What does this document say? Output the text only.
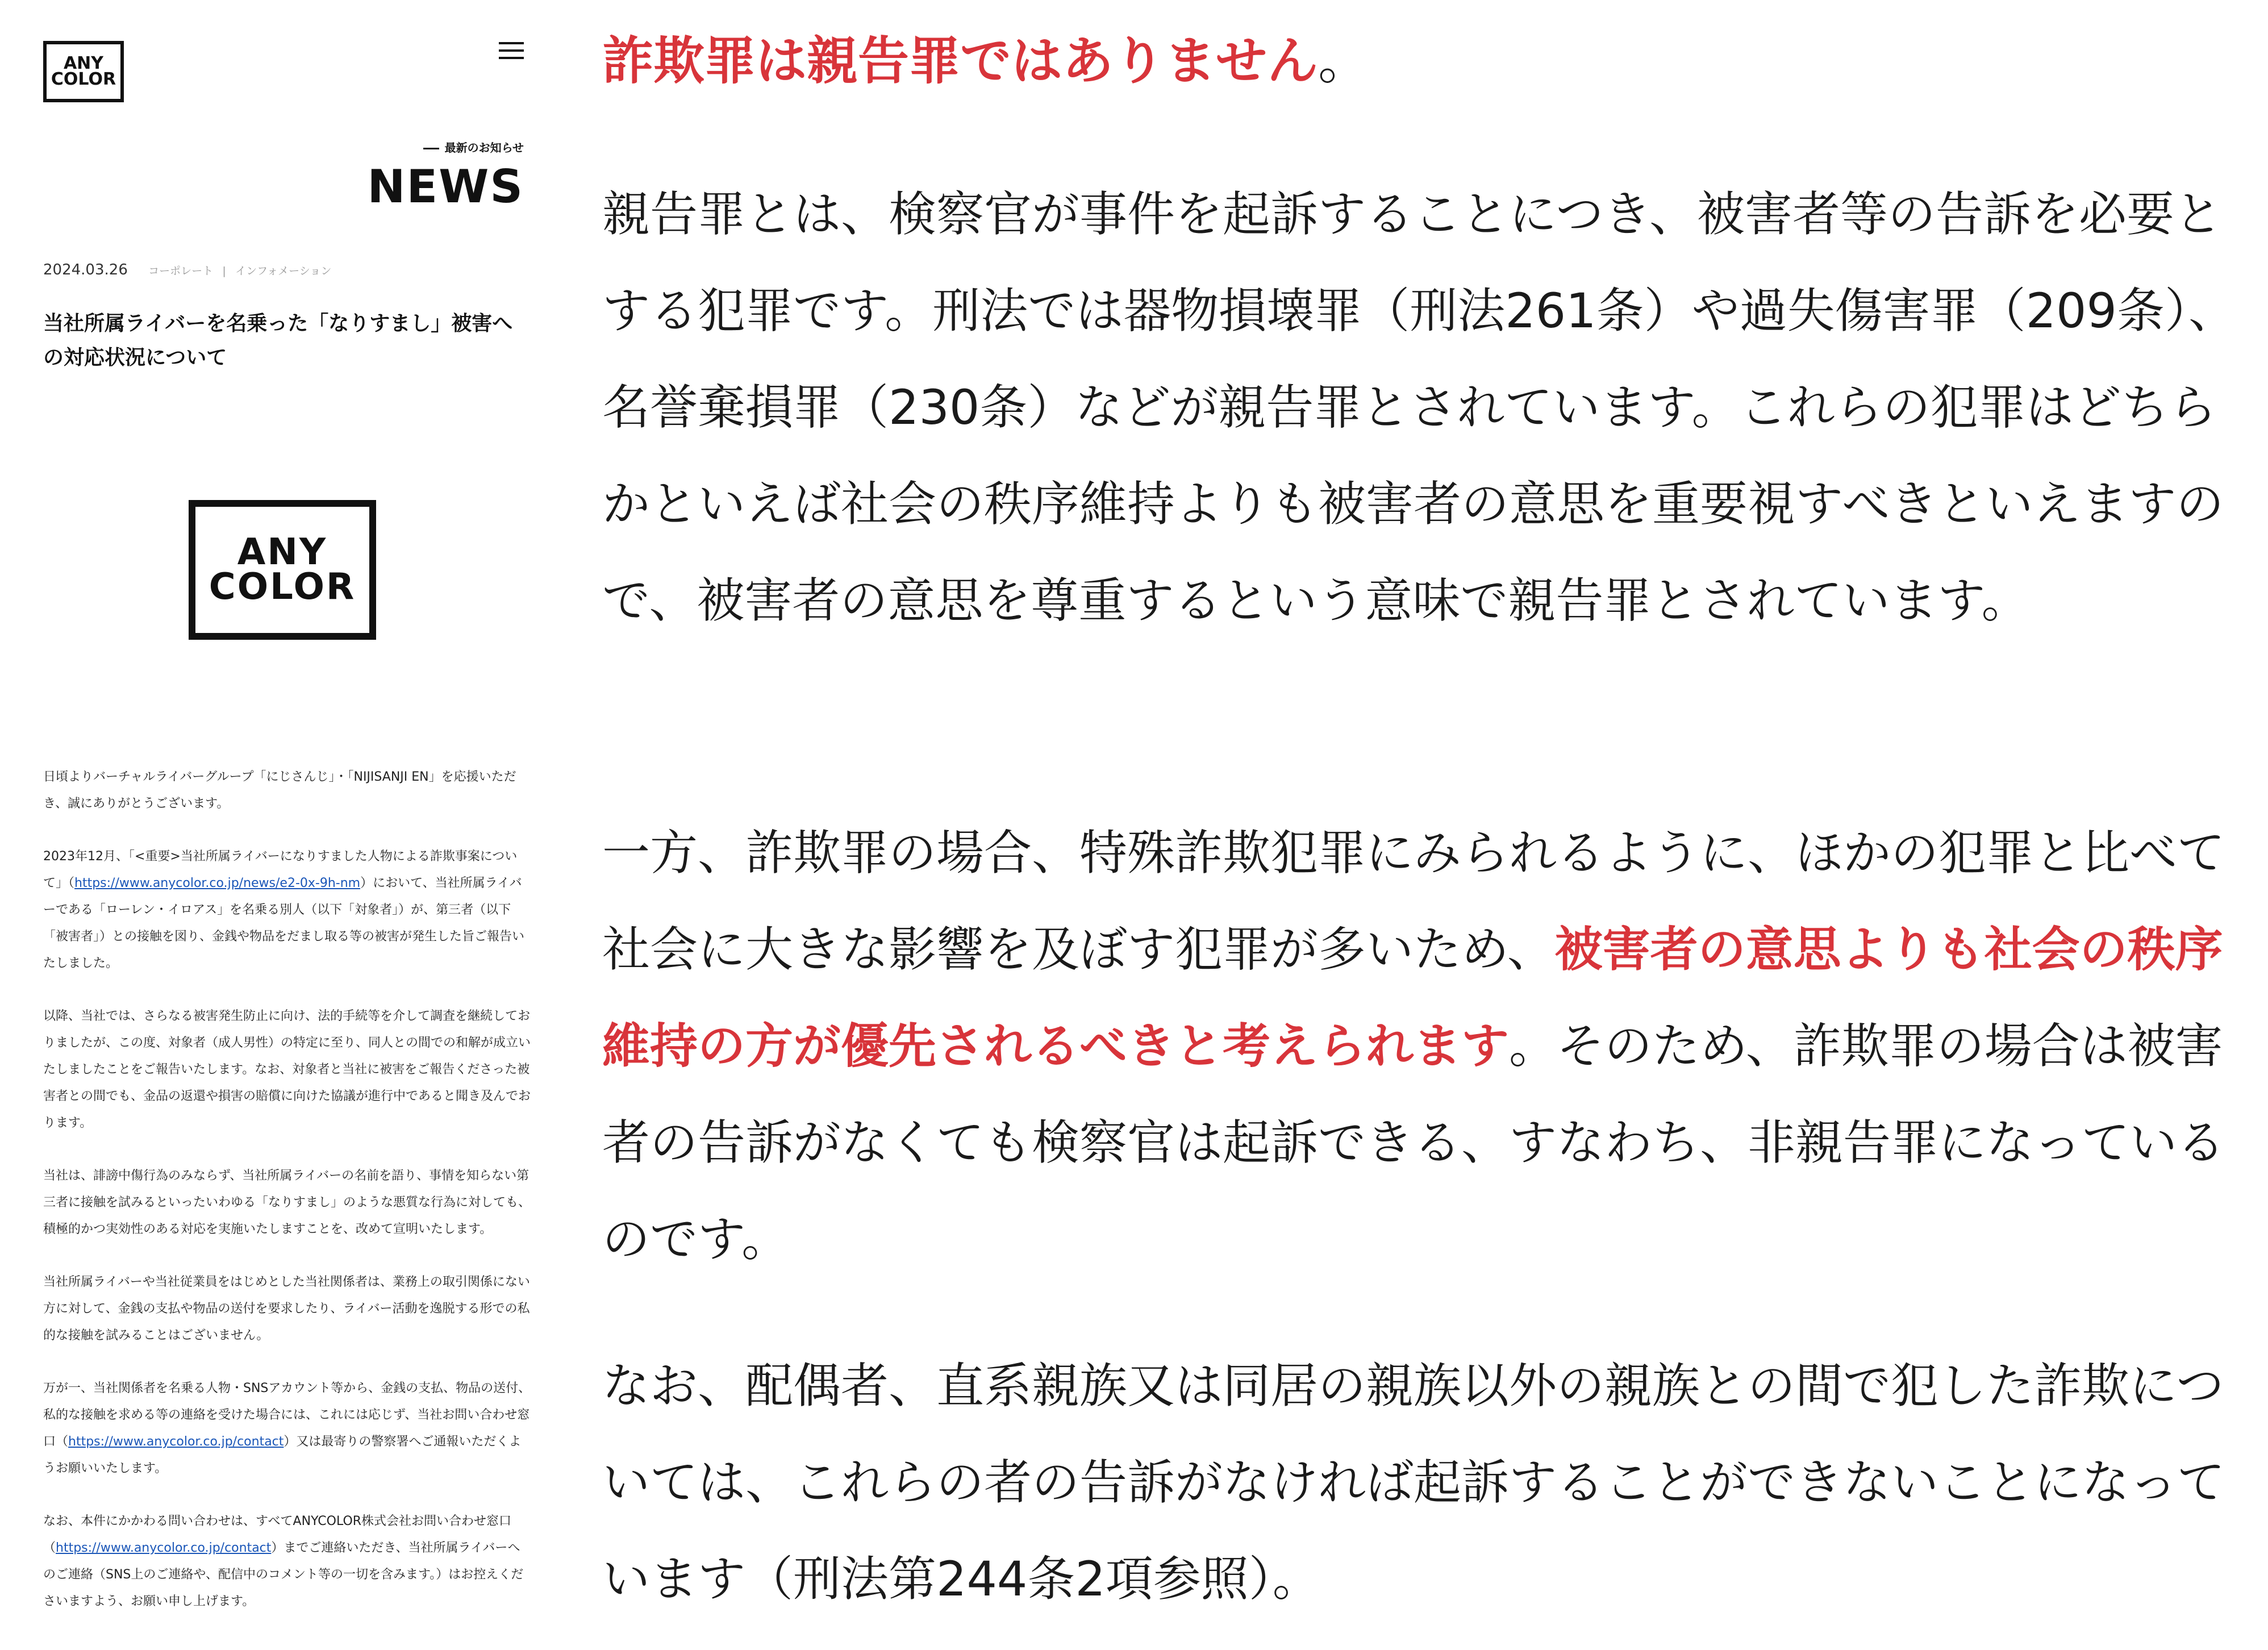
ANY
COLOR
最新のお知らせ
NEWS
2024.03.26 コーポレート | インフォメーション
当社所属ライバーを名乗った「なりすまし」被害への対応状況について
ANY
COLOR

日頃よりバーチャルライバーグループ「にじさんじ」・「NIJISANJI EN」を応援いただき、誠にありがとうございます。

2023年12月、「<重要>当社所属ライバーになりすました人物による詐欺事案について」（https://www.anycolor.co.jp/news/e2-0x-9h-nm）において、当社所属ライバーである「ローレン・イロアス」を名乗る別人（以下「対象者」）が、第三者（以下「被害者」）との接触を図り、金銭や物品をだまし取る等の被害が発生した旨ご報告いたしました。

以降、当社では、さらなる被害発生防止に向け、法的手続等を介して調査を継続しておりましたが、この度、対象者（成人男性）の特定に至り、同人との間での和解が成立いたしましたことをご報告いたします。なお、対象者と当社に被害をご報告くださった被害者との間でも、金品の返還や損害の賠償に向けた協議が進行中であると聞き及んでおります。

当社は、誹謗中傷行為のみならず、当社所属ライバーの名前を語り、事情を知らない第三者に接触を試みるといったいわゆる「なりすまし」のような悪質な行為に対しても、積極的かつ実効性のある対応を実施いたしますことを、改めて宣明いたします。

当社所属ライバーや当社従業員をはじめとした当社関係者は、業務上の取引関係にない方に対して、金銭の支払や物品の送付を要求したり、ライバー活動を逸脱する形での私的な接触を試みることはございません。

万が一、当社関係者を名乗る人物・SNSアカウント等から、金銭の支払、物品の送付、私的な接触を求める等の連絡を受けた場合には、これには応じず、当社お問い合わせ窓口（https://www.anycolor.co.jp/contact）又は最寄りの警察署へご通報いただくようお願いいたします。

なお、本件にかかわる問い合わせは、すべてANYCOLOR株式会社お問い合わせ窓口（https://www.anycolor.co.jp/contact）までご連絡いただき、当社所属ライバーへのご連絡（SNS上のご連絡や、配信中のコメント等の一切を含みます。）はお控えくださいますよう、お願い申し上げます。

詐欺罪は親告罪ではありません。

親告罪とは、検察官が事件を起訴することにつき、被害者等の告訴を必要とする犯罪です。刑法では器物損壊罪（刑法261条）や過失傷害罪（209条）、名誉棄損罪（230条）などが親告罪とされています。これらの犯罪はどちらかといえば社会の秩序維持よりも被害者の意思を重要視すべきといえますので、被害者の意思を尊重するという意味で親告罪とされています。

一方、詐欺罪の場合、特殊詐欺犯罪にみられるように、ほかの犯罪と比べて社会に大きな影響を及ぼす犯罪が多いため、被害者の意思よりも社会の秩序維持の方が優先されるべきと考えられます。そのため、詐欺罪の場合は被害者の告訴がなくても検察官は起訴できる、すなわち、非親告罪になっているのです。

なお、配偶者、直系親族又は同居の親族以外の親族との間で犯した詐欺については、これらの者の告訴がなければ起訴することができないことになっています（刑法第244条2項参照）。
